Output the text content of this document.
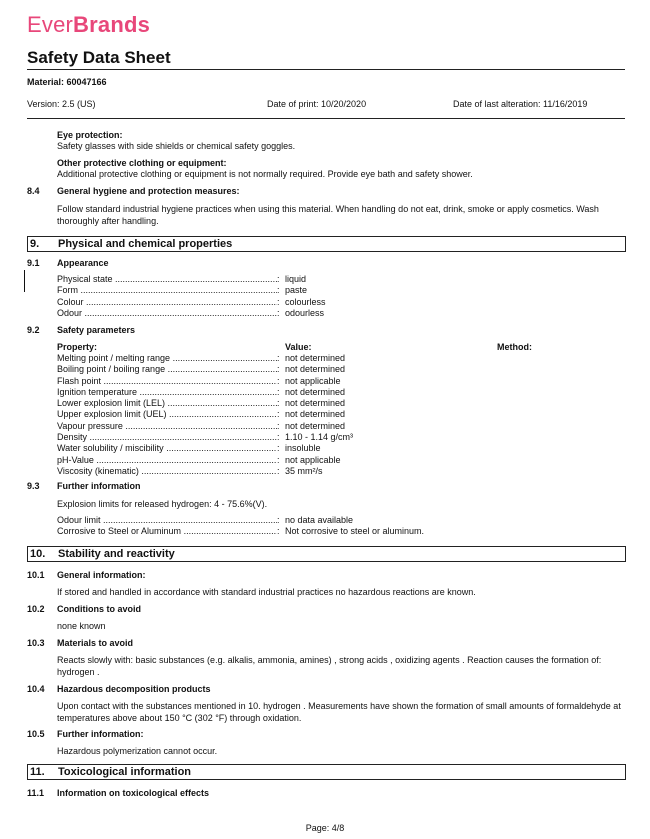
EverBrands
Safety Data Sheet
Material: 60047166
Version: 2.5 (US)	Date of print: 10/20/2020	Date of last alteration: 11/16/2019
Eye protection:
Safety glasses with side shields or chemical safety goggles.
Other protective clothing or equipment:
Additional protective clothing or equipment is not normally required. Provide eye bath and safety shower.
8.4 General hygiene and protection measures:
Follow standard industrial hygiene practices when using this material. When handling do not eat, drink, smoke or apply cosmetics. Wash thoroughly after handling.
9. Physical and chemical properties
9.1 Appearance
Physical state .....	: liquid
Form .....	: paste
Colour .....	: colourless
Odour .....	: odourless
9.2 Safety parameters
Property:	Value:	Method:
Melting point / melting range .....	: not determined
Boiling point / boiling range .....	: not determined
Flash point .....	: not applicable
Ignition temperature .....	: not determined
Lower explosion limit (LEL) .....	: not determined
Upper explosion limit (UEL) .....	: not determined
Vapour pressure .....	: not determined
Density .....	: 1.10 - 1.14 g/cm³
Water solubility / miscibility .....	: insoluble
pH-Value .....	: not applicable
Viscosity (kinematic) .....	: 35 mm²/s
9.3 Further information
Explosion limits for released hydrogen: 4 - 75.6%(V).
Odour limit .....	: no data available
Corrosive to Steel or Aluminum .....	: Not corrosive to steel or aluminum.
10. Stability and reactivity
10.1 General information:
If stored and handled in accordance with standard industrial practices no hazardous reactions are known.
10.2 Conditions to avoid
none known
10.3 Materials to avoid
Reacts slowly with: basic substances (e.g. alkalis, ammonia, amines) , strong acids , oxidizing agents . Reaction causes the formation of: hydrogen .
10.4 Hazardous decomposition products
Upon contact with the substances mentioned in 10. hydrogen . Measurements have shown the formation of small amounts of formaldehyde at temperatures above about 150 °C (302 °F) through oxidation.
10.5 Further information:
Hazardous polymerization cannot occur.
11. Toxicological information
11.1 Information on toxicological effects
Page: 4/8
